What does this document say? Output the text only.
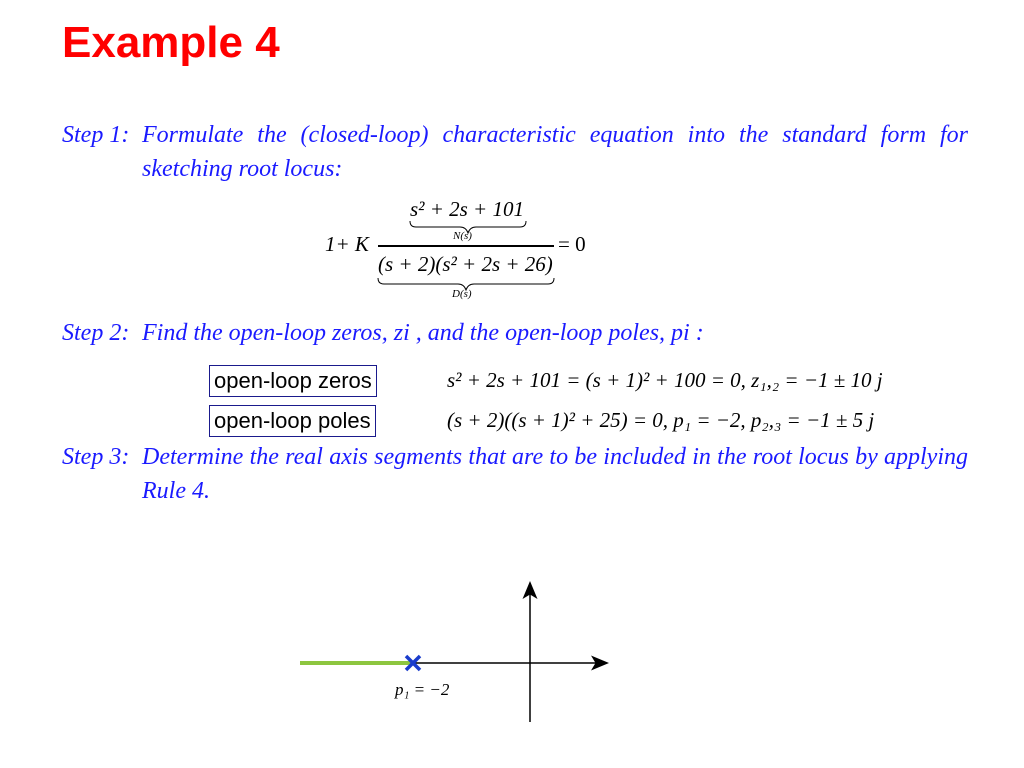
Example 4
Step 1: Formulate the (closed-loop) characteristic equation into the standard form for sketching root locus:
1+ K
s² + 2s + 101
N(s)
(s + 2)(s² + 2s + 26)
D(s)
= 0
Step 2: Find the open-loop zeros, zi , and the open-loop poles, pi :
open-loop zeros	s² + 2s + 101 = (s + 1)² + 100 = 0, z₁,₂ = −1 ± 10 j
open-loop poles	(s + 2)((s + 1)² + 25) = 0, p₁ = −2, p₂,₃ = −1 ± 5 j
Step 3: Determine the real axis segments that are to be included in the root locus by applying Rule 4.
p₁ = −2
